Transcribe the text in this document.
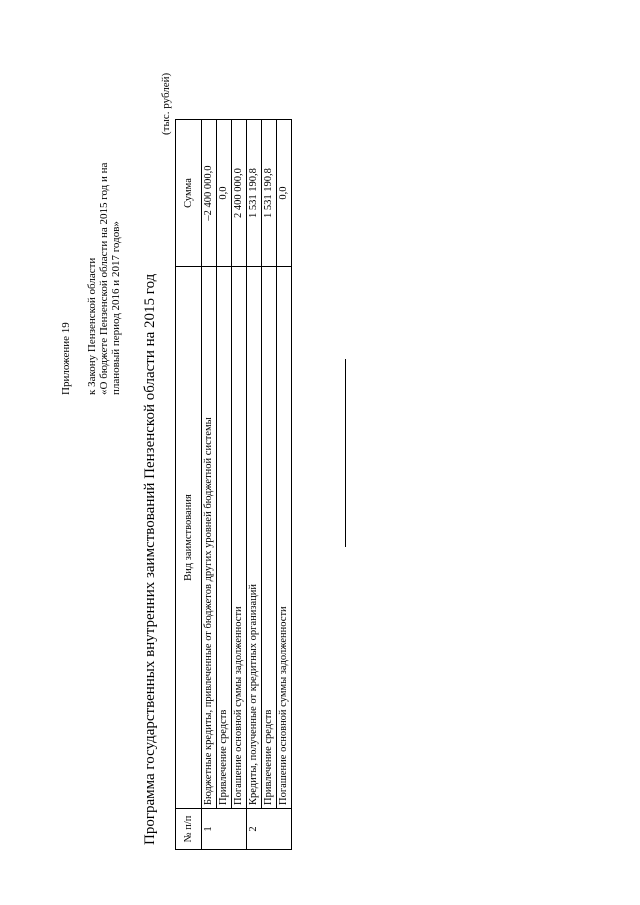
Приложение 19 к Закону Пензенской области «О бюджете Пензенской области на 2015 год и на плановый период 2016 и 2017 годов» Программа государственных внутренних заимствований Пензенской области на 2015 год
(тыс. рублей)
№ п/п	Вид заимствования	Сумма
1	Бюджетные кредиты, привлеченные от бюджетов других уровней бюджетной системы	–2 400 000,0
	Привлечение средств	0,0
	Погашение основной суммы задолженности	2 400 000,0
2	Кредиты, полученные от кредитных организаций	1 531 190,8
	Привлечение средств	1 531 190,8
	Погашение основной суммы задолженности	0,0
